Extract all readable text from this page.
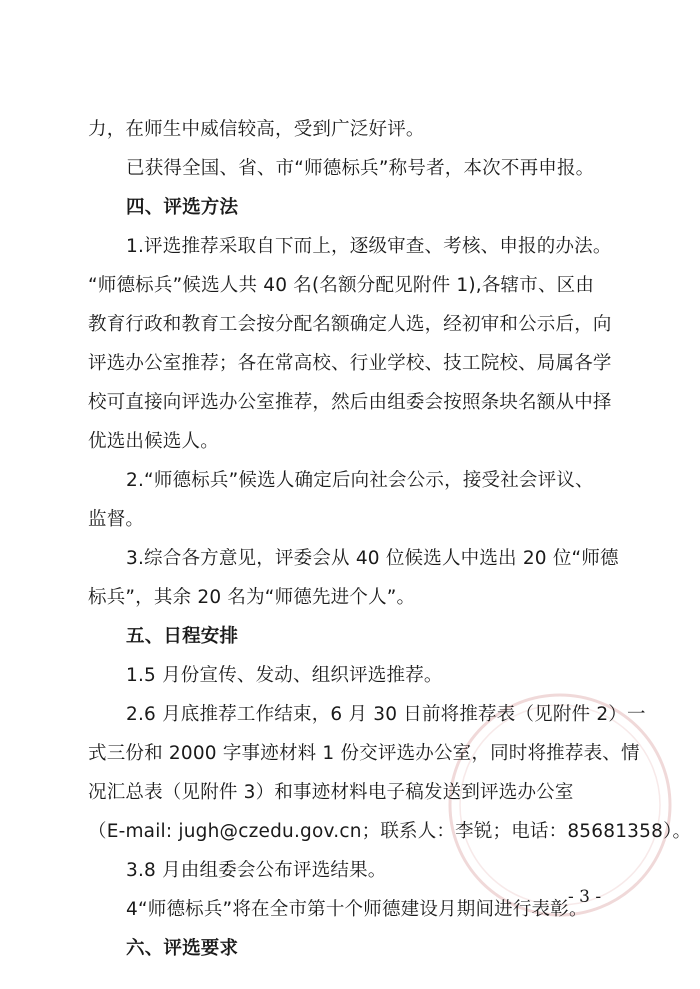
力，在师生中威信较高，受到广泛好评。
已获得全国、省、市“师德标兵”称号者，本次不再申报。
四、评选方法
1.评选推荐采取自下而上，逐级审查、考核、申报的办法。
“师德标兵”候选人共 40 名(名额分配见附件 1),各辖市、区由
教育行政和教育工会按分配名额确定人选，经初审和公示后，向
评选办公室推荐；各在常高校、行业学校、技工院校、局属各学
校可直接向评选办公室推荐，然后由组委会按照条块名额从中择
优选出候选人。
2.“师德标兵”候选人确定后向社会公示，接受社会评议、
监督。
3.综合各方意见，评委会从 40 位候选人中选出 20 位“师德
标兵”，其余 20 名为“师德先进个人”。
五、日程安排
1.5 月份宣传、发动、组织评选推荐。
2.6 月底推荐工作结束，6 月 30 日前将推荐表（见附件 2）一
式三份和 2000 字事迹材料 1 份交评选办公室，同时将推荐表、情
况汇总表（见附件 3）和事迹材料电子稿发送到评选办公室
（E-mail: jugh@czedu.gov.cn；联系人：李锐；电话：85681358）。
3.8 月由组委会公布评选结果。
4“师德标兵”将在全市第十个师德建设月期间进行表彰。
六、评选要求
- 3 -
